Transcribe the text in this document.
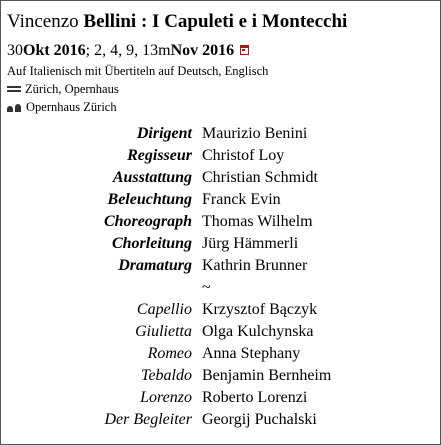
Vincenzo Bellini : I Capuleti e i Montecchi
30 Okt 2016 ; 2, 4, 9, 13m Nov 2016
Auf Italienisch mit Übertiteln auf Deutsch, Englisch
Zürich, Opernhaus
Opernhaus Zürich
Dirigent Maurizio Benini
Regisseur Christof Loy
Ausstattung Christian Schmidt
Beleuchtung Franck Evin
Choreograph Thomas Wilhelm
Chorleitung Jürg Hämmerli
Dramaturg Kathrin Brunner
~
Capellio Krzysztof Bączyk
Giulietta Olga Kulchynska
Romeo Anna Stephany
Tebaldo Benjamin Bernheim
Lorenzo Roberto Lorenzi
Der Begleiter Georgij Puchalski
